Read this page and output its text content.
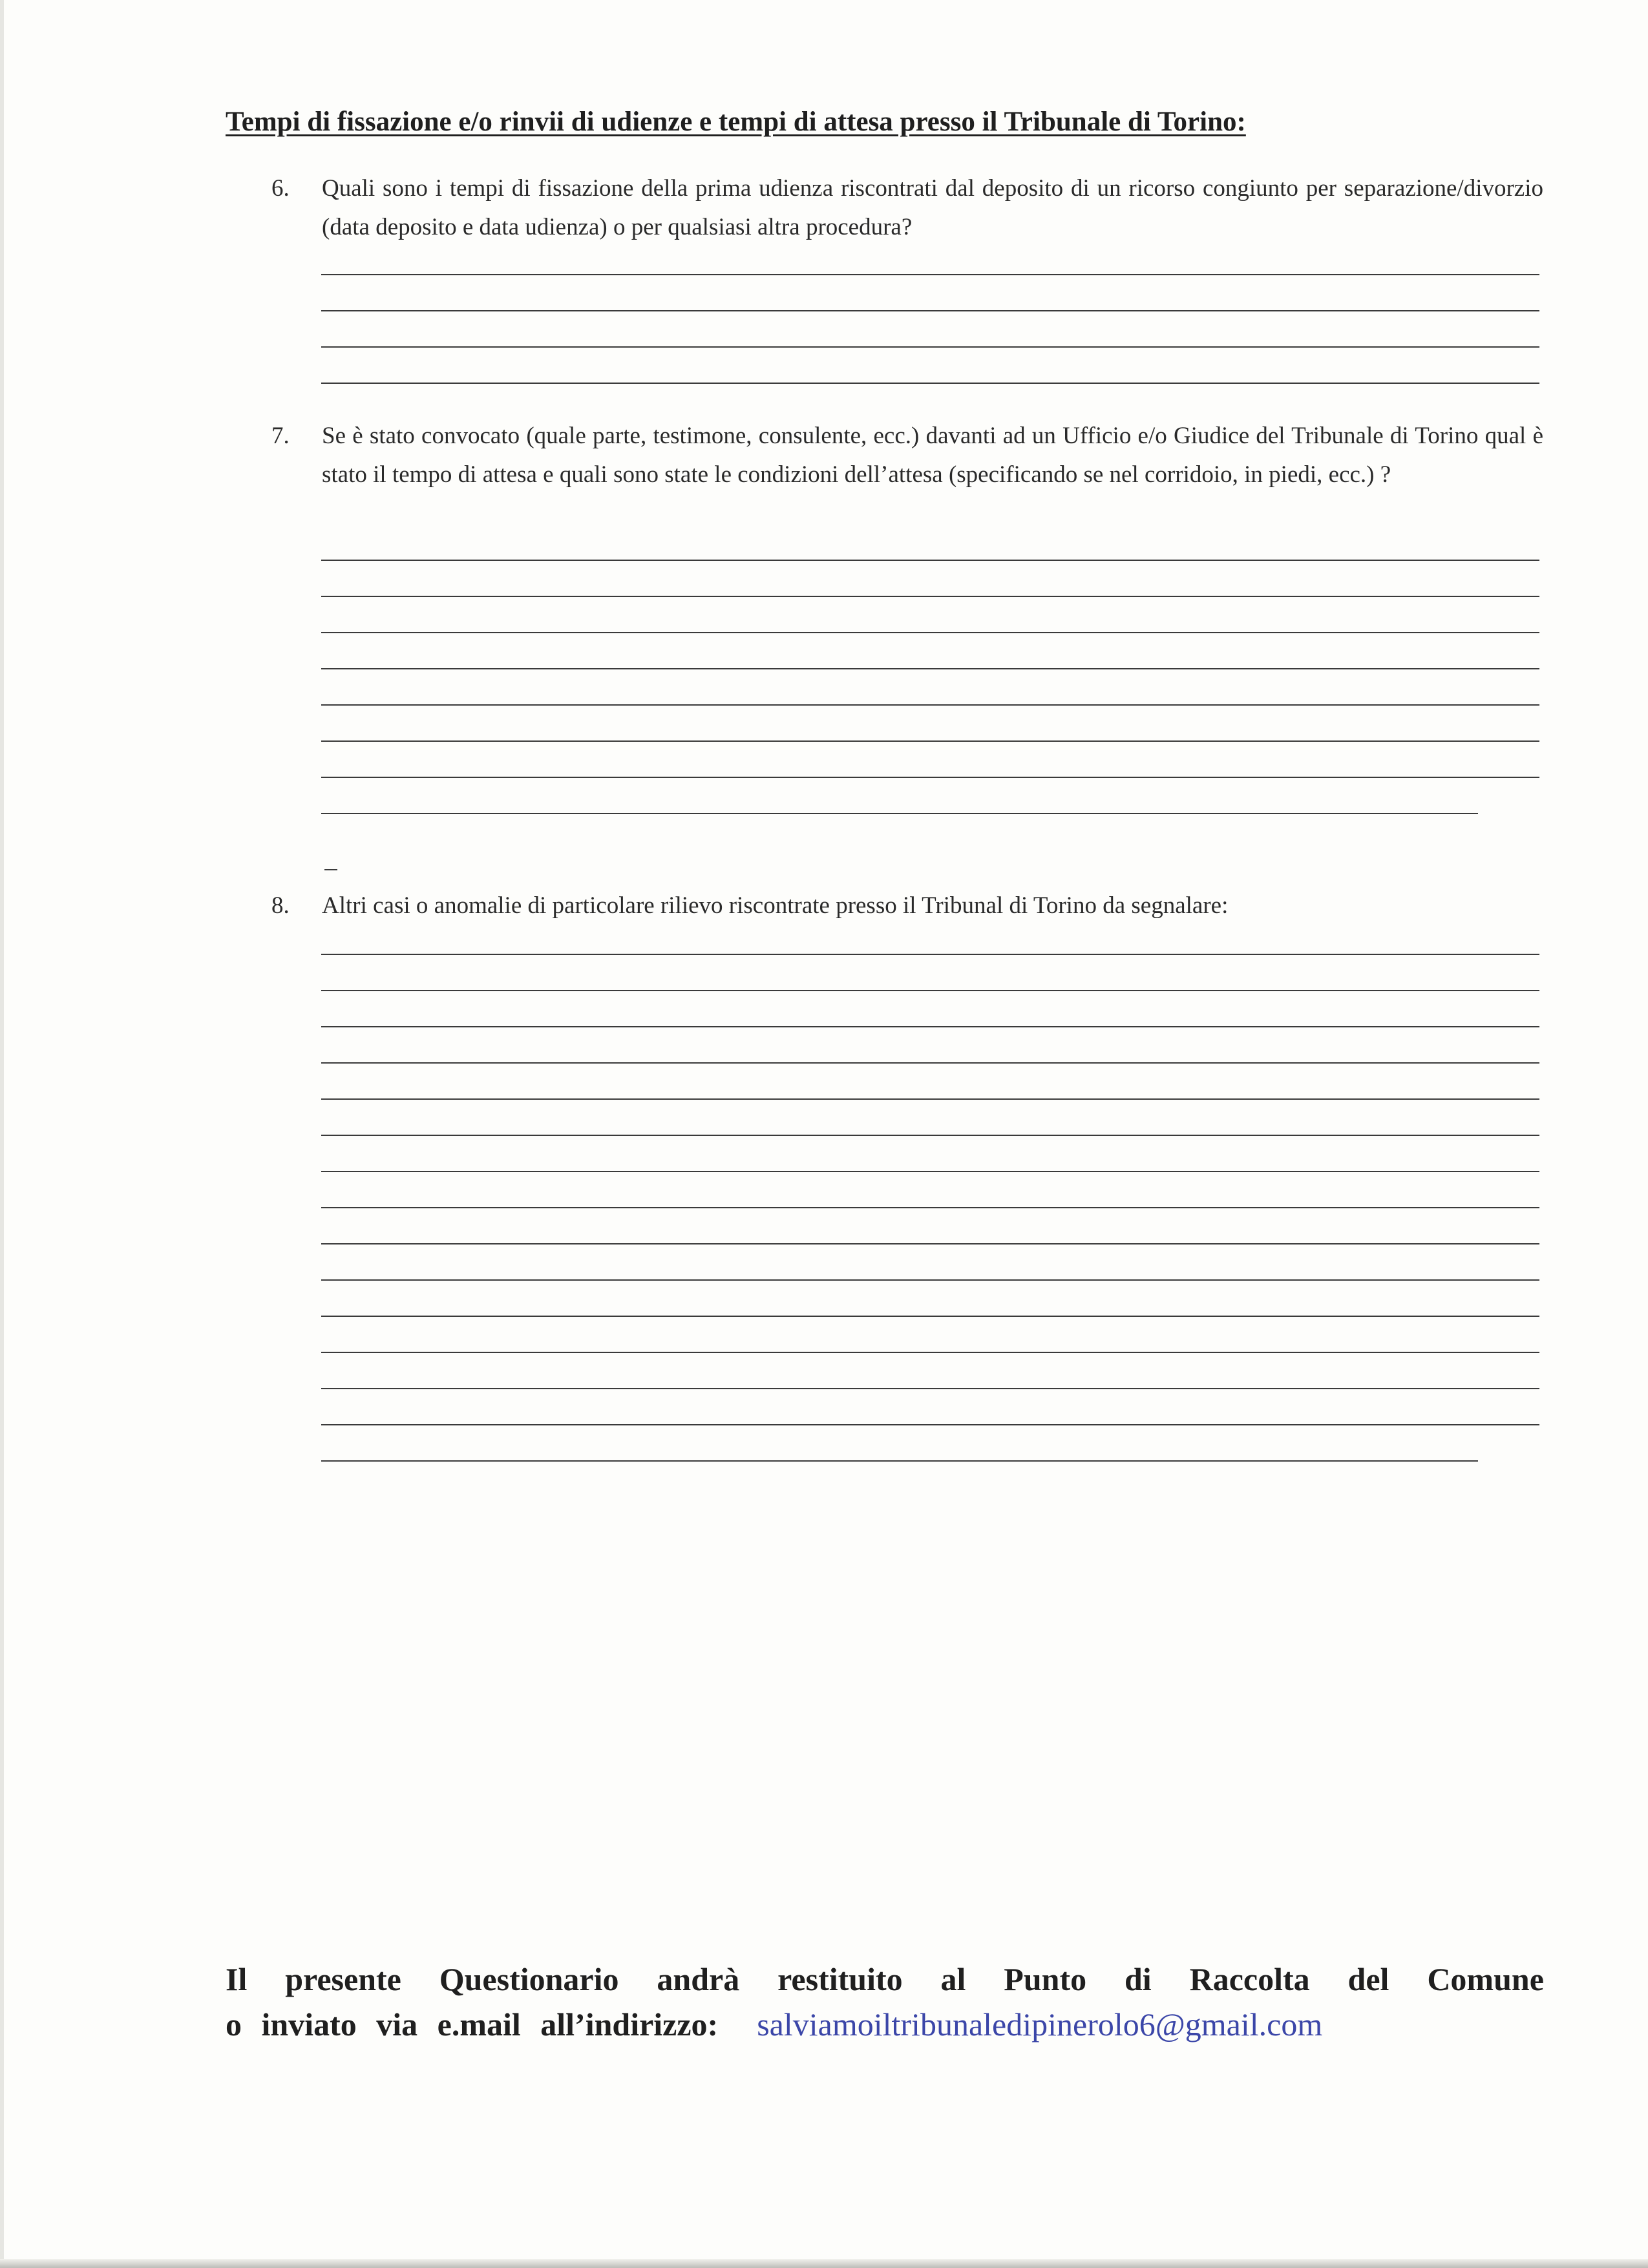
Tempi di fissazione e/o rinvii di udienze e tempi di attesa presso il Tribunale di Torino:
6. Quali sono i tempi di fissazione della prima udienza riscontrati dal deposito di un ricorso congiunto per separazione/divorzio (data deposito e data udienza) o per qualsiasi altra procedura?
7. Se è stato convocato (quale parte, testimone, consulente, ecc.) davanti ad un Ufficio e/o Giudice del Tribunale di Torino qual è stato il tempo di attesa e quali sono state le condizioni dell’attesa (specificando se nel corridoio, in piedi, ecc.) ?
8. Altri casi o anomalie di particolare rilievo riscontrate presso il Tribunal di Torino da segnalare:
Il presente Questionario andrà restituito al Punto di Raccolta del Comune
o inviato via e.mail all’indirizzo: salviamoiltribunaledipinerolo6@gmail.com
